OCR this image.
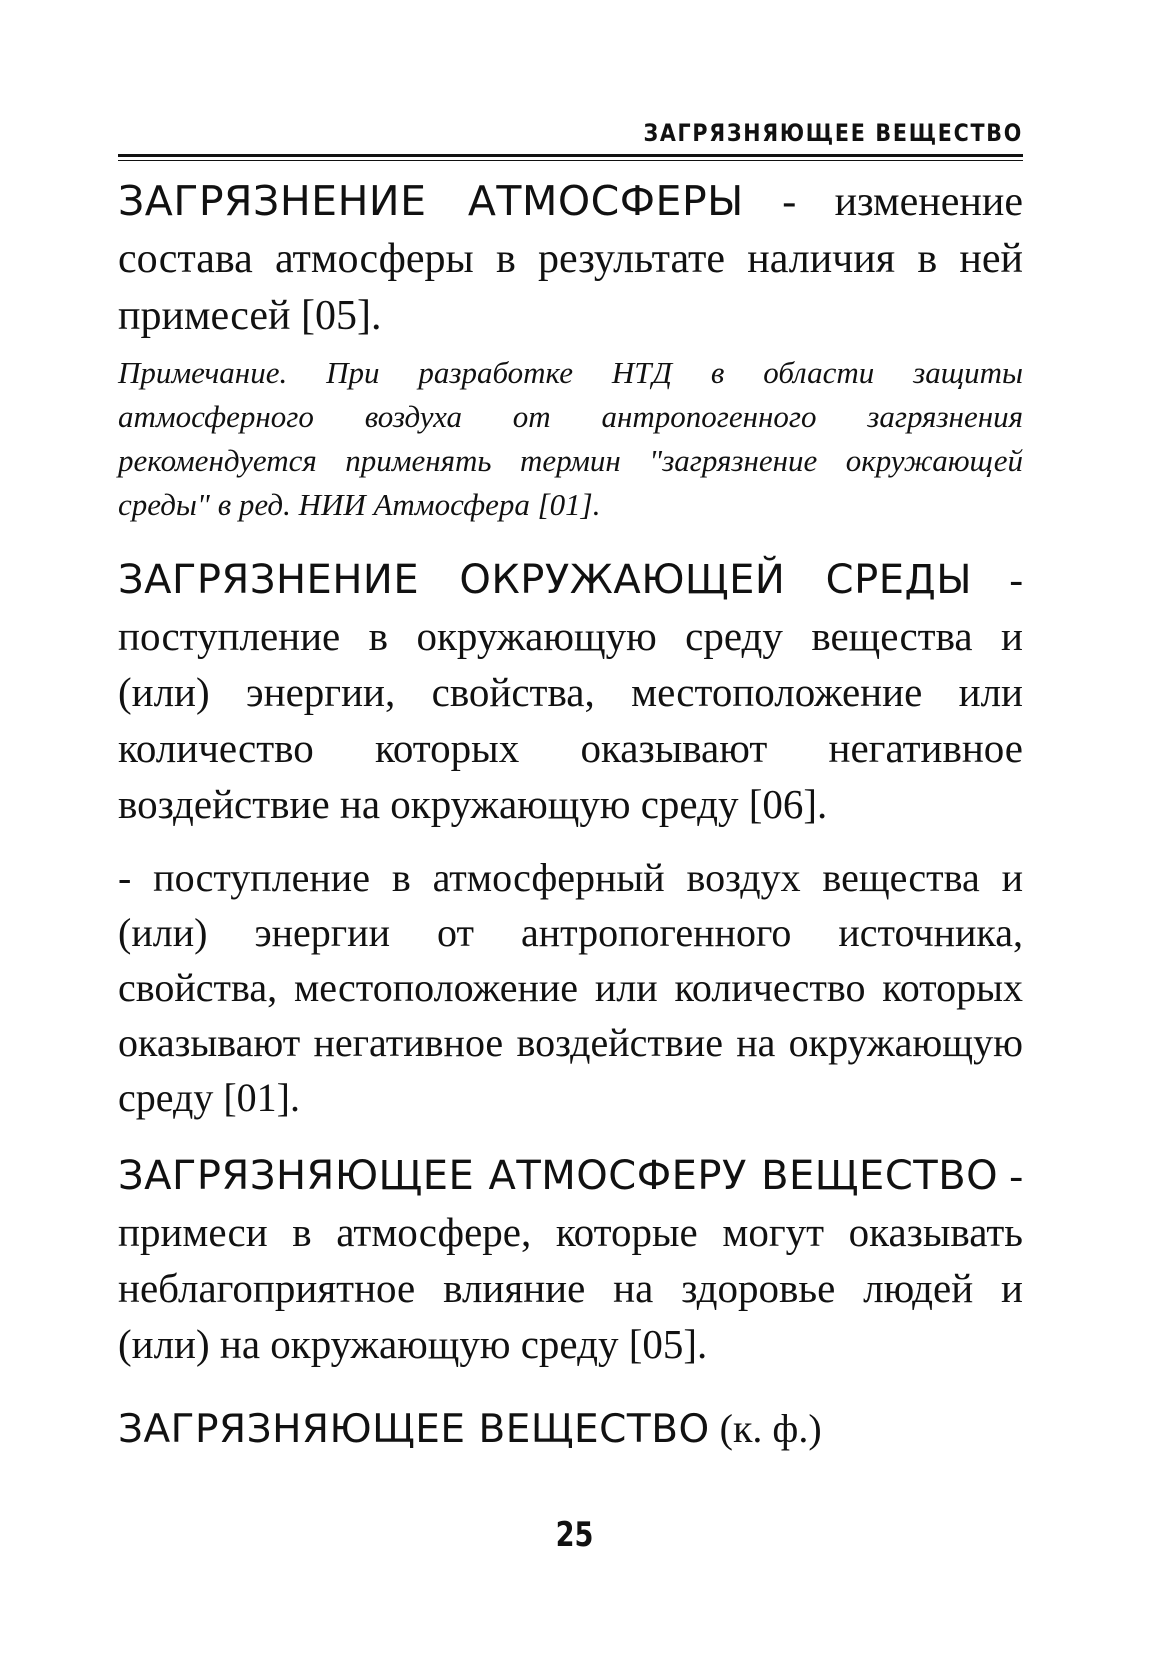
ЗАГРЯЗНЯЮЩЕЕ ВЕЩЕСТВО
ЗАГРЯЗНЕНИЕ АТМОСФЕРЫ - изменение состава атмосферы в результате наличия в ней примесей [05].
Примечание. При разработке НТД в области защиты атмосферного воздуха от антропогенного загрязнения рекомендуется применять термин "загрязнение окружающей среды" в ред. НИИ Атмосфера [01].
ЗАГРЯЗНЕНИЕ ОКРУЖАЮЩЕЙ СРЕДЫ - поступление в окружающую среду вещества и (или) энергии, свойства, местоположение или количество которых оказывают негативное воздействие на окружающую среду [06].
- поступление в атмосферный воздух вещества и (или) энергии от антропогенного источника, свойства, местоположение или количество которых оказывают негативное воздействие на окружающую среду [01].
ЗАГРЯЗНЯЮЩЕЕ АТМОСФЕРУ ВЕЩЕСТВО - примеси в атмосфере, которые могут оказывать неблагоприятное влияние на здоровье людей и (или) на окружающую среду [05].
ЗАГРЯЗНЯЮЩЕЕ ВЕЩЕСТВО (к. ф.)
25
